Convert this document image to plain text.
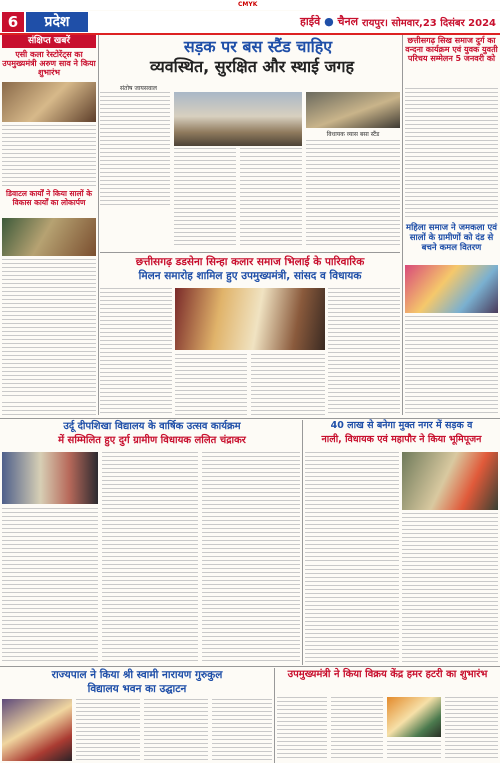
CMYK
6	प्रदेश	हाईवे ● चैनल रायपुर। सोमवार,23 दिसंबर 2024
संक्षिप्त खबरें
एसी कला रेस्टोरेंट्स का उपमुख्यमंत्री अरुण साव ने किया शुभारंभ
डिवाटल कार्यों ने किया सालों के विकास कार्यों का लोकार्पण
सड़क पर बस स्टैंड चाहिए
व्यवस्थित, सुरक्षित और स्थाई जगह
संतोष जायसवाल
विधायक व्यास बसा स्टैंड
छत्तीसगढ़ सिख समाज दुर्ग का वन्दना कार्यक्रम एवं युवक युवती परिचय सम्मेलन 5 जनवरी को
छत्तीसगढ़ डडसेना सिन्हा कलार समाज भिलाई के पारिवारिक
मिलन समारोह शामिल हुए उपमुख्यमंत्री, सांसद व विधायक
महिला समाज ने जमकला एवं सालों के ग्रामीणों को दंड से बचने कमल वितरण
उर्दू दीपशिखा विद्यालय के वार्षिक उत्सव कार्यक्रम
में सम्मिलित हुए दुर्ग ग्रामीण विधायक ललित चंद्राकर
40 लाख से बनेगा मुक्त नगर में सड़क व
नाली, विधायक एवं महापौर ने किया भूमिपूजन
राज्यपाल ने किया श्री स्वामी नारायण गुरुकुल
विद्यालय भवन का उद्घाटन
उपमुख्यमंत्री ने किया विक्रय केंद्र हमर हटरी का शुभारंभ
